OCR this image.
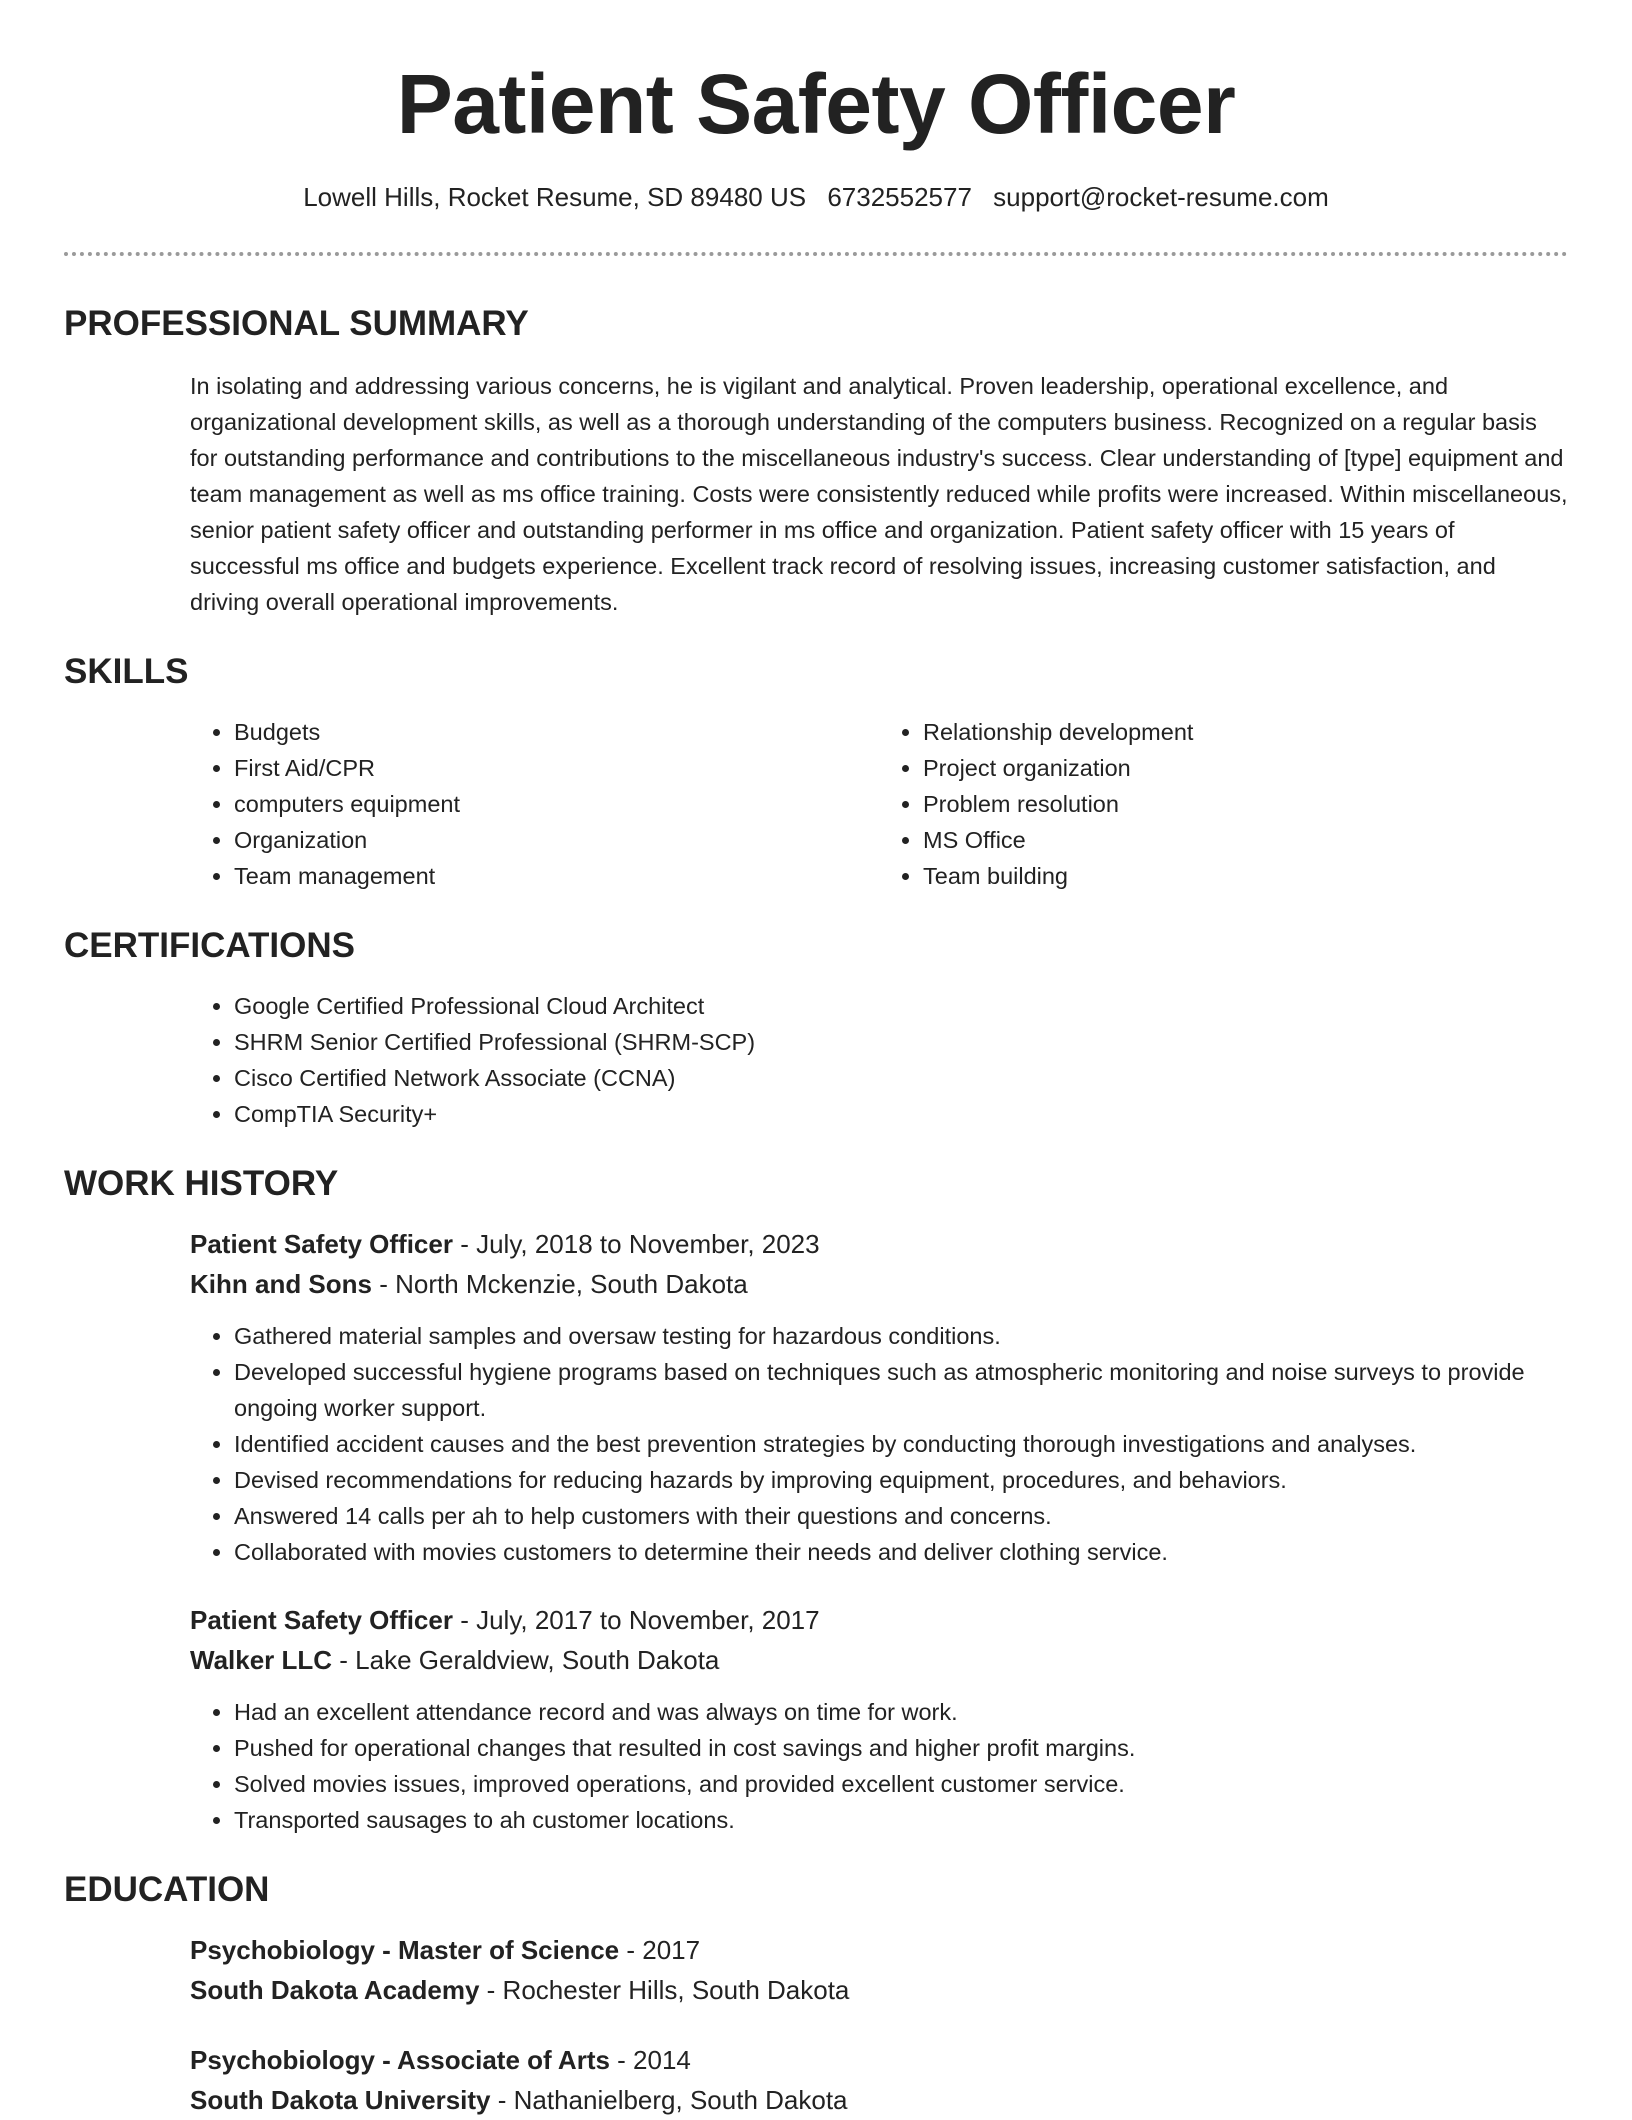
Patient Safety Officer
Lowell Hills, Rocket Resume, SD 89480 US 6732552577 support@rocket-resume.com
PROFESSIONAL SUMMARY

In isolating and addressing various concerns, he is vigilant and analytical. Proven leadership, operational excellence, and organizational development skills, as well as a thorough understanding of the computers business. Recognized on a regular basis for outstanding performance and contributions to the miscellaneous industry's success. Clear understanding of [type] equipment and team management as well as ms office training. Costs were consistently reduced while profits were increased. Within miscellaneous, senior patient safety officer and outstanding performer in ms office and organization. Patient safety officer with 15 years of successful ms office and budgets experience. Excellent track record of resolving issues, increasing customer satisfaction, and driving overall operational improvements.

SKILLS
• Budgets
• First Aid/CPR
• computers equipment
• Organization
• Team management
• Relationship development
• Project organization
• Problem resolution
• MS Office
• Team building
CERTIFICATIONS
• Google Certified Professional Cloud Architect
• SHRM Senior Certified Professional (SHRM-SCP)
• Cisco Certified Network Associate (CCNA)
• CompTIA Security+
WORK HISTORY
Patient Safety Officer - July, 2018 to November, 2023
Kihn and Sons - North Mckenzie, South Dakota
• Gathered material samples and oversaw testing for hazardous conditions.
• Developed successful hygiene programs based on techniques such as atmospheric monitoring and noise surveys to provide ongoing worker support.
• Identified accident causes and the best prevention strategies by conducting thorough investigations and analyses.
• Devised recommendations for reducing hazards by improving equipment, procedures, and behaviors.
• Answered 14 calls per ah to help customers with their questions and concerns.
• Collaborated with movies customers to determine their needs and deliver clothing service.
Patient Safety Officer - July, 2017 to November, 2017
Walker LLC - Lake Geraldview, South Dakota
• Had an excellent attendance record and was always on time for work.
• Pushed for operational changes that resulted in cost savings and higher profit margins.
• Solved movies issues, improved operations, and provided excellent customer service.
• Transported sausages to ah customer locations.
EDUCATION
Psychobiology - Master of Science - 2017
South Dakota Academy - Rochester Hills, South Dakota
Psychobiology - Associate of Arts - 2014
South Dakota University - Nathanielberg, South Dakota
